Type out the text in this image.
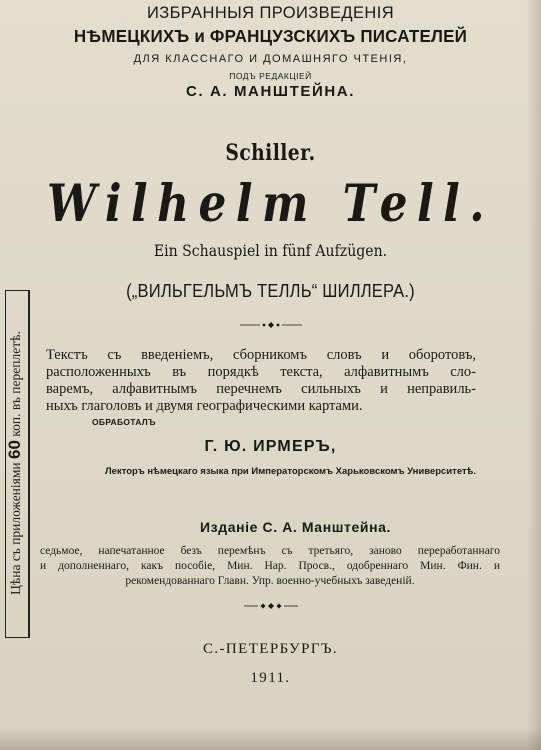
ИЗБРАННЫЯ ПРОИЗВЕДЕНІЯ
НѢМЕЦКИХЪ и ФРАНЦУЗСКИХЪ ПИСАТЕЛЕЙ
ДЛЯ КЛАССНАГО И ДОМАШНЯГО ЧТЕНІЯ,
ПОДЪ РЕДАКЦІЕЙ
С. А. МАНШТЕЙНА.
Schiller.
Wilhelm Tell.
Ein Schauspiel in fünf Aufzügen.
(„ВИЛЬГЕЛЬМЪ ТЕЛЛЬ“ ШИЛЛЕРА.)
Текстъ съ введеніемъ, сборникомъ словъ и оборотовъ,
расположенныхъ въ порядкѣ текста, алфавитнымъ сло-
варемъ, алфавитнымъ перечнемъ сильныхъ и неправиль-
ныхъ глаголовъ и двумя географическими картами.
ОБРАБОТАЛЪ
Г. Ю. ИРМЕРЪ,
Лекторъ нѣмецкаго языка при Императорскомъ Харьковскомъ Университетѣ.
Изданіе С. А. Манштейна.
седьмое, напечатанное безъ перемѣнъ съ третьяго, заново переработаннаго
и дополненнаго, какъ пособіе, Мин. Нар. Просв., одобреннаго Мин. Фин. и
рекомендованнаго Главн. Упр. военно-учебныхъ заведеній.
С.-ПЕТЕРБУРГЪ.
1911.
Цѣна съ приложеніями 60 коп. въ переплетѣ.
